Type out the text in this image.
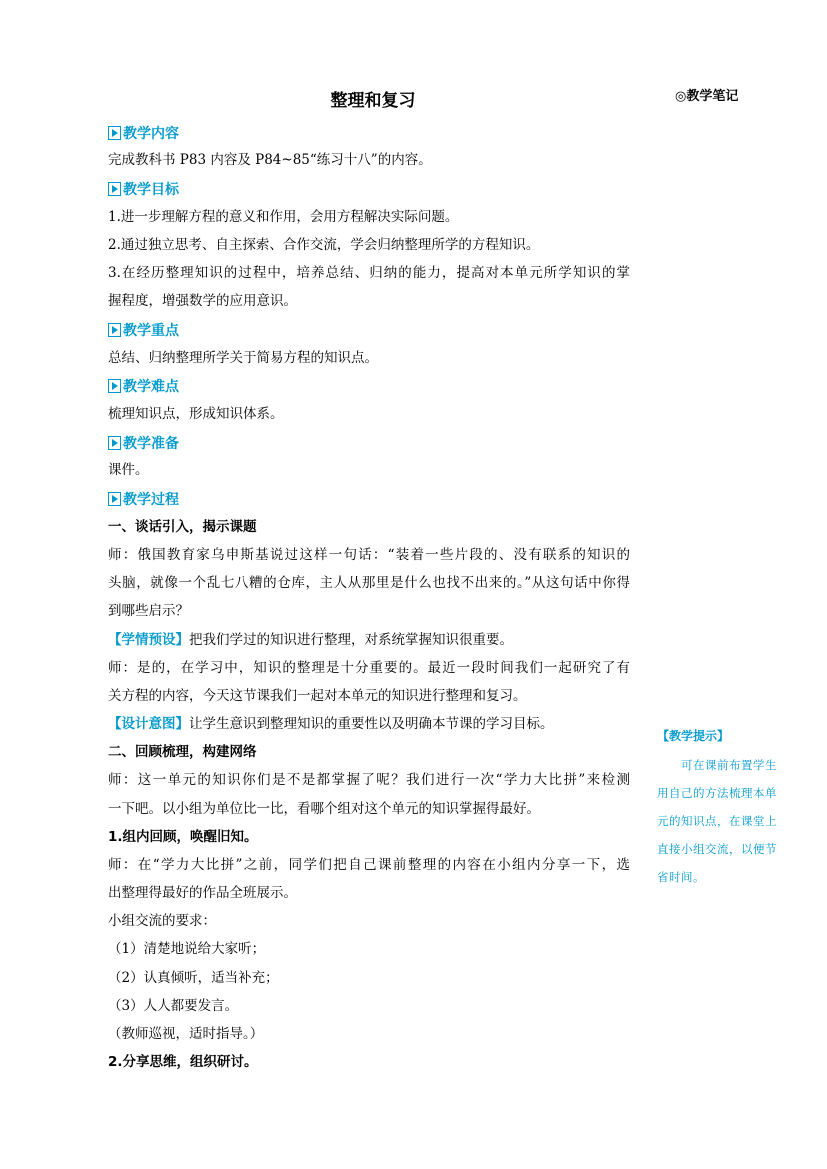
整理和复习	◎教学笔记
教学内容
完成教科书 P83 内容及 P84~85“练习十八”的内容。
教学目标
1.进一步理解方程的意义和作用，会用方程解决实际问题。
2.通过独立思考、自主探索、合作交流，学会归纳整理所学的方程知识。
3.在经历整理知识的过程中，培养总结、归纳的能力，提高对本单元所学知识的掌
握程度，增强数学的应用意识。
教学重点
总结、归纳整理所学关于简易方程的知识点。
教学难点
梳理知识点，形成知识体系。
教学准备
课件。
教学过程
一、谈话引入，揭示课题
师：俄国教育家乌申斯基说过这样一句话：“装着一些片段的、没有联系的知识的
头脑，就像一个乱七八糟的仓库，主人从那里是什么也找不出来的。”从这句话中你得
到哪些启示？
【学情预设】把我们学过的知识进行整理，对系统掌握知识很重要。
师：是的，在学习中，知识的整理是十分重要的。最近一段时间我们一起研究了有
关方程的内容，今天这节课我们一起对本单元的知识进行整理和复习。
【设计意图】让学生意识到整理知识的重要性以及明确本节课的学习目标。
二、回顾梳理，构建网络
师：这一单元的知识你们是不是都掌握了呢？我们进行一次“学力大比拼”来检测
一下吧。以小组为单位比一比，看哪个组对这个单元的知识掌握得最好。
1.组内回顾，唤醒旧知。
师：在“学力大比拼”之前，同学们把自己课前整理的内容在小组内分享一下，选
出整理得最好的作品全班展示。
小组交流的要求：
（1）清楚地说给大家听；
（2）认真倾听，适当补充；
（3）人人都要发言。
（教师巡视，适时指导。）
2.分享思维，组织研讨。
【教学提示】
可在课前布置学生用自己的方法梳理本单元的知识点，在课堂上直接小组交流，以便节省时间。
